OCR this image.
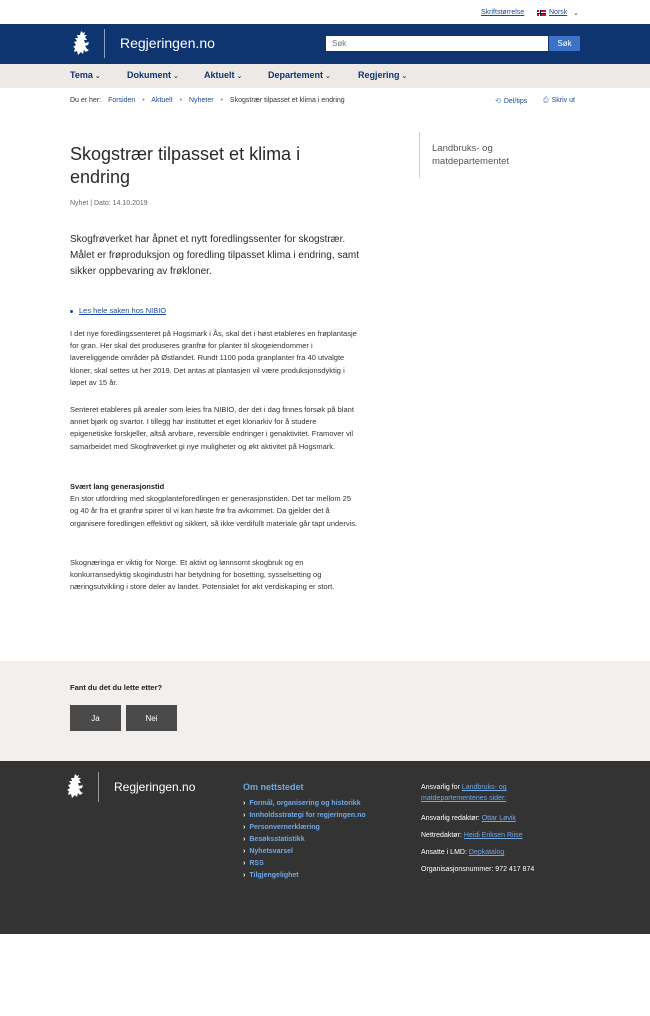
Skriftstørrelse	Norsk ⌄
Regjeringen.no
Søk	Søk
Tema ⌄	Dokument ⌄	Aktuelt ⌄	Departement ⌄	Regjering ⌄
Du er her: Forsiden • Aktuelt • Nyheter • Skogstrær tilpasset et klima i endring	⟲ Del/tips ⎙ Skriv ut
Landbruks- og matdepartementet
Skogstrær tilpasset et klima i endring
Nyhet | Dato: 14.10.2019
Skogfrøverket har åpnet et nytt foredlingssenter for skogstrær. Målet er frøproduksjon og foredling tilpasset klima i endring, samt sikker oppbevaring av frøkloner.
Les hele saken hos NIBIO
I det nye foredlingssenteret på Hogsmark i Ås, skal det i høst etableres en frøplantasje for gran. Her skal det produseres granfrø for planter til skogeiendommer i lavereliggende områder på Østlandet. Rundt 1100 poda granplanter fra 40 utvalgte kloner, skal settes ut her 2019. Det antas at plantasjen vil være produksjonsdyktig i løpet av 15 år.
Senteret etableres på arealer som leies fra NIBIO, der det i dag finnes forsøk på blant annet bjørk og svartor. I tillegg har instituttet et eget klonarkiv for å studere epigenetiske forskjeller, altså arvbare, reversible endringer i genaktivitet. Framover vil samarbeidet med Skogfrøverket gi nye muligheter og økt aktivitet på Hogsmark.
Svært lang generasjonstid
En stor utfordring med skogplanteforedlingen er generasjonstiden. Det tar mellom 25 og 40 år fra et granfrø spirer til vi kan høste frø fra avkommet. Da gjelder det å organisere foredlingen effektivt og sikkert, så ikke verdifullt materiale går tapt undervis.
Skognæringa er viktig for Norge. Et aktivt og lønnsomt skogbruk og en konkurransedyktig skogindustri har betydning for bosetting, sysselsetting og næringsutvikling i store deler av landet. Potensialet for økt verdiskaping er stort.
Fant du det du lette etter?
Ja	Nei
Regjeringen.no	Om nettstedet
› Formål, organisering og historikk
› Innholdsstrategi for regjeringen.no
› Personvernerklæring
› Besøksstatistikk
› Nyhetsvarsel
› RSS
› Tilgjengelighet
Ansvarlig for Landbruks- og matdepartementenes sider:
Ansvarlig redaktør: Ottar Løvik
Nettredaktør: Heidi Eriksen Riise
Ansatte i LMD: Depkatalog
Organisasjonsnummer: 972 417 874
